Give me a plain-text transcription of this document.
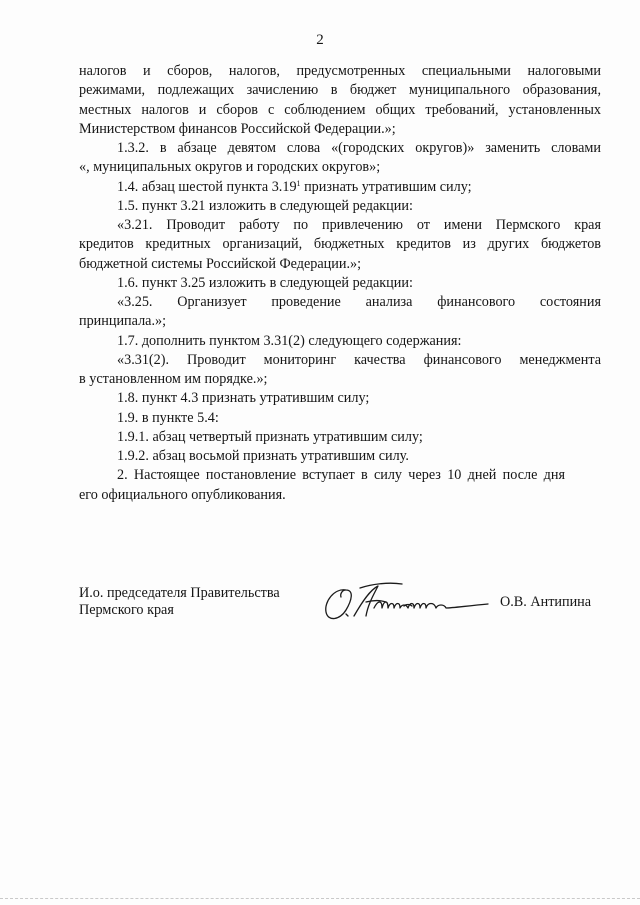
2

налогов и сборов, налогов, предусмотренных специальными налоговыми

режимами, подлежащих зачислению в бюджет муниципального образования,

местных налогов и сборов с соблюдением общих требований, установленных

Министерством финансов Российской Федерации.»;

1.3.2. в абзаце девятом слова «(городских округов)» заменить словами

«, муниципальных округов и городских округов»;

1.4. абзац шестой пункта 3.19$^1$ признать утратившим силу;

1.5. пункт 3.21 изложить в следующей редакции:

«3.21. Проводит работу по привлечению от имени Пермского края

кредитов кредитных организаций, бюджетных кредитов из других бюджетов

бюджетной системы Российской Федерации.»;

1.6. пункт 3.25 изложить в следующей редакции:

«3.25. Организует проведение анализа финансового состояния

принципала.»;

1.7. дополнить пунктом 3.31(2) следующего содержания:

«3.31(2). Проводит мониторинг качества финансового менеджмента

в установленном им порядке.»;

1.8. пункт 4.3 признать утратившим силу;

1.9. в пункте 5.4:

1.9.1. абзац четвертый признать утратившим силу;

1.9.2. абзац восьмой признать утратившим силу.

2. Настоящее постановление вступает в силу через 10 дней после дня

его официального опубликования.

И.о. председателя Правительства
Пермского края	О.В. Антипина
